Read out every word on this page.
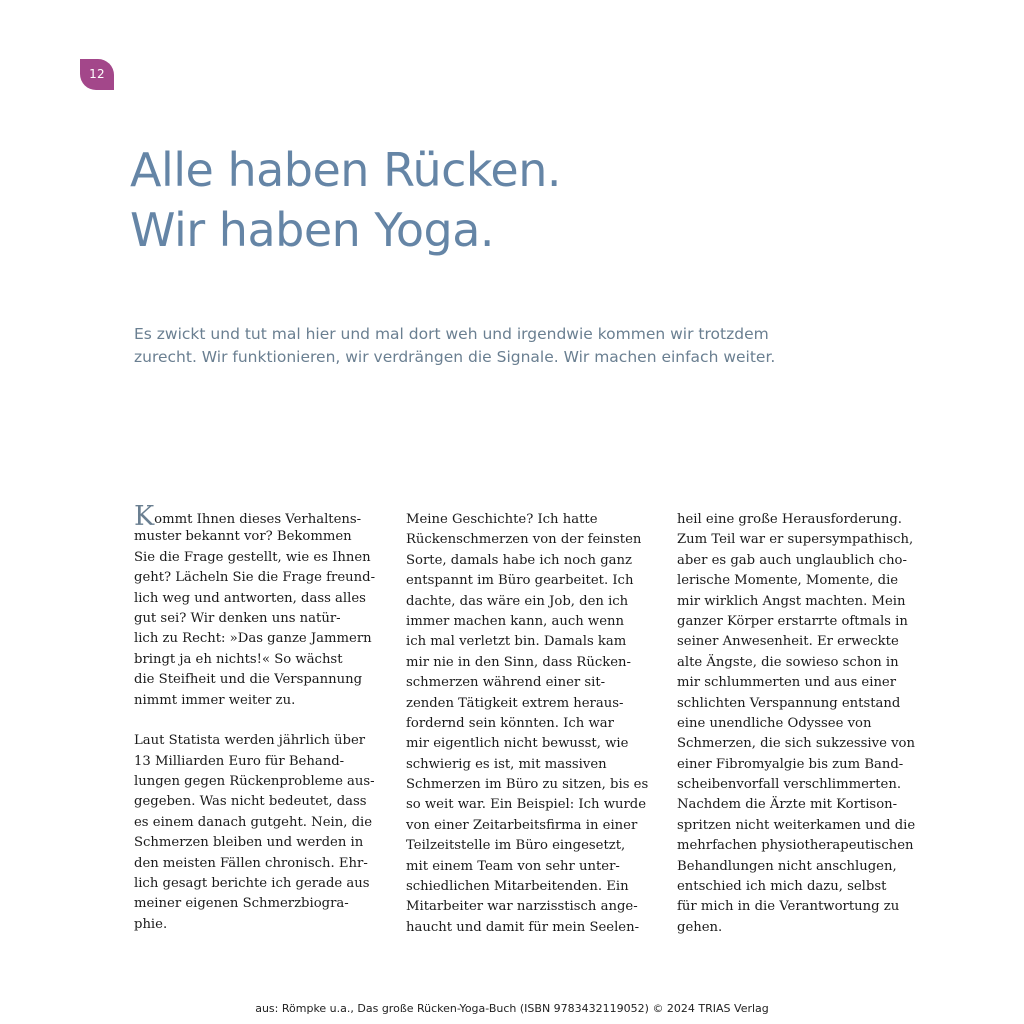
12
Alle haben Rücken.
Wir haben Yoga.

Es zwickt und tut mal hier und mal dort weh und irgendwie kommen wir trotzdem
zurecht. Wir funktionieren, wir verdrängen die Signale. Wir machen einfach weiter.

Kommt Ihnen dieses Verhaltens-
muster bekannt vor? Bekommen
Sie die Frage gestellt, wie es Ihnen
geht? Lächeln Sie die Frage freund-
lich weg und antworten, dass alles
gut sei? Wir denken uns natür-
lich zu Recht: »Das ganze Jammern
bringt ja eh nichts!« So wächst
die Steifheit und die Verspannung
nimmt immer weiter zu.
Laut Statista werden jährlich über
13 Milliarden Euro für Behand-
lungen gegen Rückenprobleme aus-
gegeben. Was nicht bedeutet, dass
es einem danach gutgeht. Nein, die
Schmerzen bleiben und werden in
den meisten Fällen chronisch. Ehr-
lich gesagt berichte ich gerade aus
meiner eigenen Schmerzbiogra-
phie.
Meine Geschichte? Ich hatte
Rückenschmerzen von der feinsten
Sorte, damals habe ich noch ganz
entspannt im Büro gearbeitet. Ich
dachte, das wäre ein Job, den ich
immer machen kann, auch wenn
ich mal verletzt bin. Damals kam
mir nie in den Sinn, dass Rücken-
schmerzen während einer sit-
zenden Tätigkeit extrem heraus-
fordernd sein könnten. Ich war
mir eigentlich nicht bewusst, wie
schwierig es ist, mit massiven
Schmerzen im Büro zu sitzen, bis es
so weit war. Ein Beispiel: Ich wurde
von einer Zeitarbeitsfirma in einer
Teilzeitstelle im Büro eingesetzt,
mit einem Team von sehr unter-
schiedlichen Mitarbeitenden. Ein
Mitarbeiter war narzisstisch ange-
haucht und damit für mein Seelen-
heil eine große Herausforderung.
Zum Teil war er supersympathisch,
aber es gab auch unglaublich cho-
lerische Momente, Momente, die
mir wirklich Angst machten. Mein
ganzer Körper erstarrte oftmals in
seiner Anwesenheit. Er erweckte
alte Ängste, die sowieso schon in
mir schlummerten und aus einer
schlichten Verspannung entstand
eine unendliche Odyssee von
Schmerzen, die sich sukzessive von
einer Fibromyalgie bis zum Band-
scheibenvorfall verschlimmerten.
Nachdem die Ärzte mit Kortison-
spritzen nicht weiterkamen und die
mehrfachen physiotherapeutischen
Behandlungen nicht anschlugen,
entschied ich mich dazu, selbst
für mich in die Verantwortung zu
gehen.
aus: Römpke u.a., Das große Rücken-Yoga-Buch (ISBN 9783432119052) © 2024 TRIAS Verlag
